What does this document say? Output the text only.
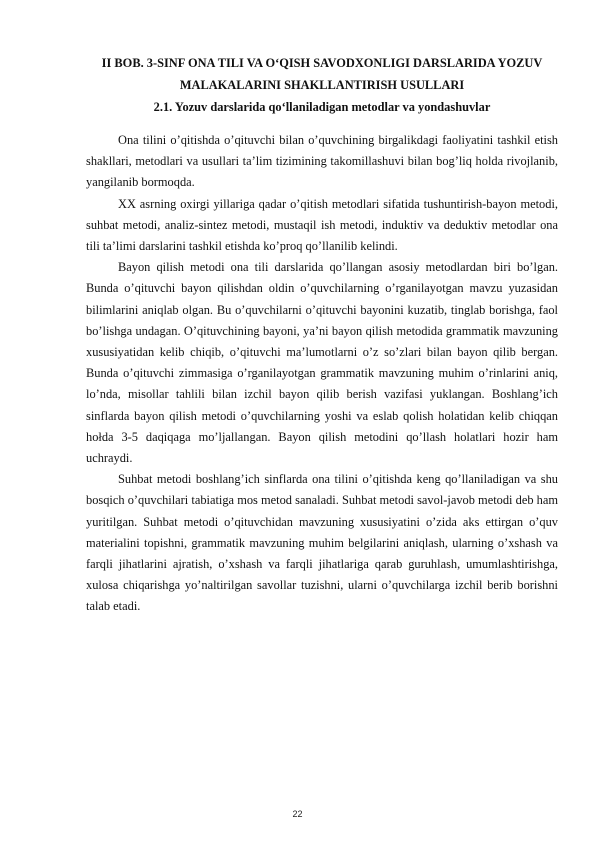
II BOB. 3-SINF ONA TILI VA O‘QISH SAVODXONLIGI DARSLARIDA YOZUV MALAKALARINI SHAKLLANTIRISH USULLARI
2.1. Yozuv darslarida qo‘llaniladigan metodlar va yondashuvlar

Ona tilini o’qitishda o’qituvchi bilan o’quvchining birgalikdagi faoliyatini tashkil etish shakllari, metodlari va usullari ta’lim tizimining takomillashuvi bilan bog’liq holda rivojlanib, yangilanib bormoqda.

XX asrning oxirgi yillariga qadar o’qitish metodlari sifatida tushuntirish-bayon metodi, suhbat metodi, analiz-sintez metodi, mustaqil ish metodi, induktiv va deduktiv metodlar ona tili ta’limi darslarini tashkil etishda ko’proq qo’llanilib kelindi.

Bayon qilish metodi ona tili darslarida qo’llangan asosiy metodlardan biri bo’lgan. Bunda o’qituvchi bayon qilishdan oldin o’quvchilarning o’rganilayotgan mavzu yuzasidan bilimlarini aniqlab olgan. Bu o’quvchilarni o’qituvchi bayonini kuzatib, tinglab borishga, faol bo’lishga undagan. O’qituvchining bayoni, ya’ni bayon qilish metodida grammatik mavzuning xususiyatidan kelib chiqib, o’qituvchi ma’lumotlarni o’z so’zlari bilan bayon qilib bergan. Bunda o’qituvchi zimmasiga o’rganilayotgan grammatik mavzuning muhim o’rinlarini aniq, lo’nda, misollar tahlili bilan izchil bayon qilib berish vazifasi yuklangan. Boshlang’ich sinflarda bayon qilish metodi o’quvchilarning yoshi va eslab qolish holatidan kelib chiqqan hołda 3-5 daqiqaga mo’ljallangan. Bayon qilish metodini qo’llash holatlari hozir ham uchraydi.

Suhbat metodi boshlang’ich sinflarda ona tilini o’qitishda keng qo’llaniladigan va shu bosqich o’quvchilari tabiatiga mos metod sanaladi. Suhbat metodi savol-javob metodi deb ham yuritilgan. Suhbat metodi o’qituvchidan mavzuning xususiyatini o’zida aks ettirgan o’quv materialini topishni, grammatik mavzuning muhim belgilarini aniqlash, ularning o’xshash va farqli jihatlarini ajratish, o’xshash va farqli jihatlariga qarab guruhlash, umumlashtirishga, xulosa chiqarishga yo’naltirilgan savollar tuzishni, ularni o’quvchilarga izchil berib borishni talab etadi.

22
